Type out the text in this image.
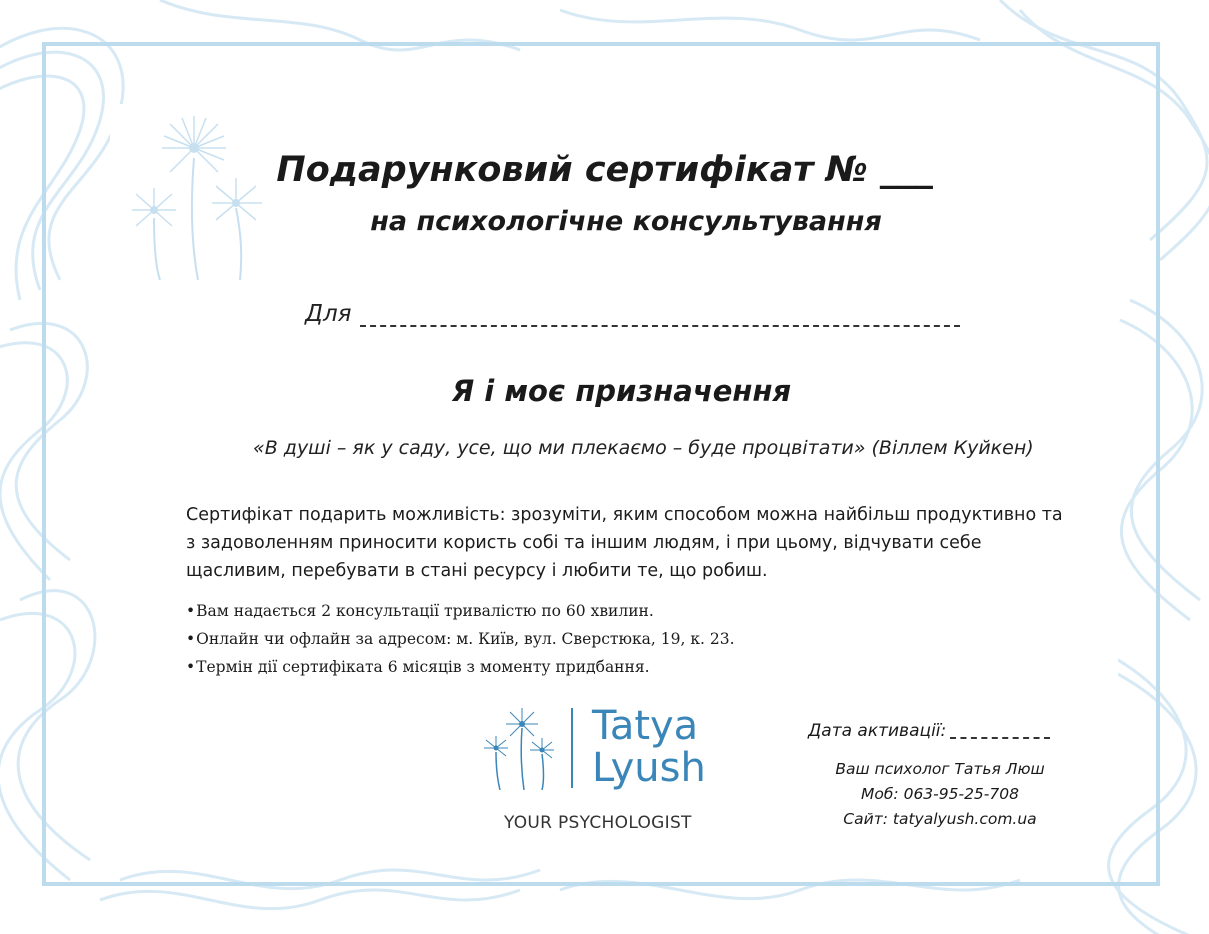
Подарунковий сертифікат № ___
на психологічне консультування
Для
Я і моє призначення
«В душі – як у саду, усе, що ми плекаємо – буде процвітати» (Віллем Куйкен)
Сертифікат подарить можливість: зрозуміти, яким способом можна найбільш продуктивно та з задоволенням приносити користь собі та іншим людям, і при цьому, відчувати себе щасливим, перебувати в стані ресурсу і любити те, що робиш.
•Вам надається 2 консультації тривалістю по 60 хвилин.
•Онлайн чи офлайн за адресом: м. Київ, вул. Сверстюка, 19, к. 23.
•Термін дії сертифіката 6 місяців з моменту придбання.
Tatya
Lyush
YOUR PSYCHOLOGIST
Дата активації:
Ваш психолог Татья Люш
Моб: 063-95-25-708
Сайт: tatyalyush.com.ua
